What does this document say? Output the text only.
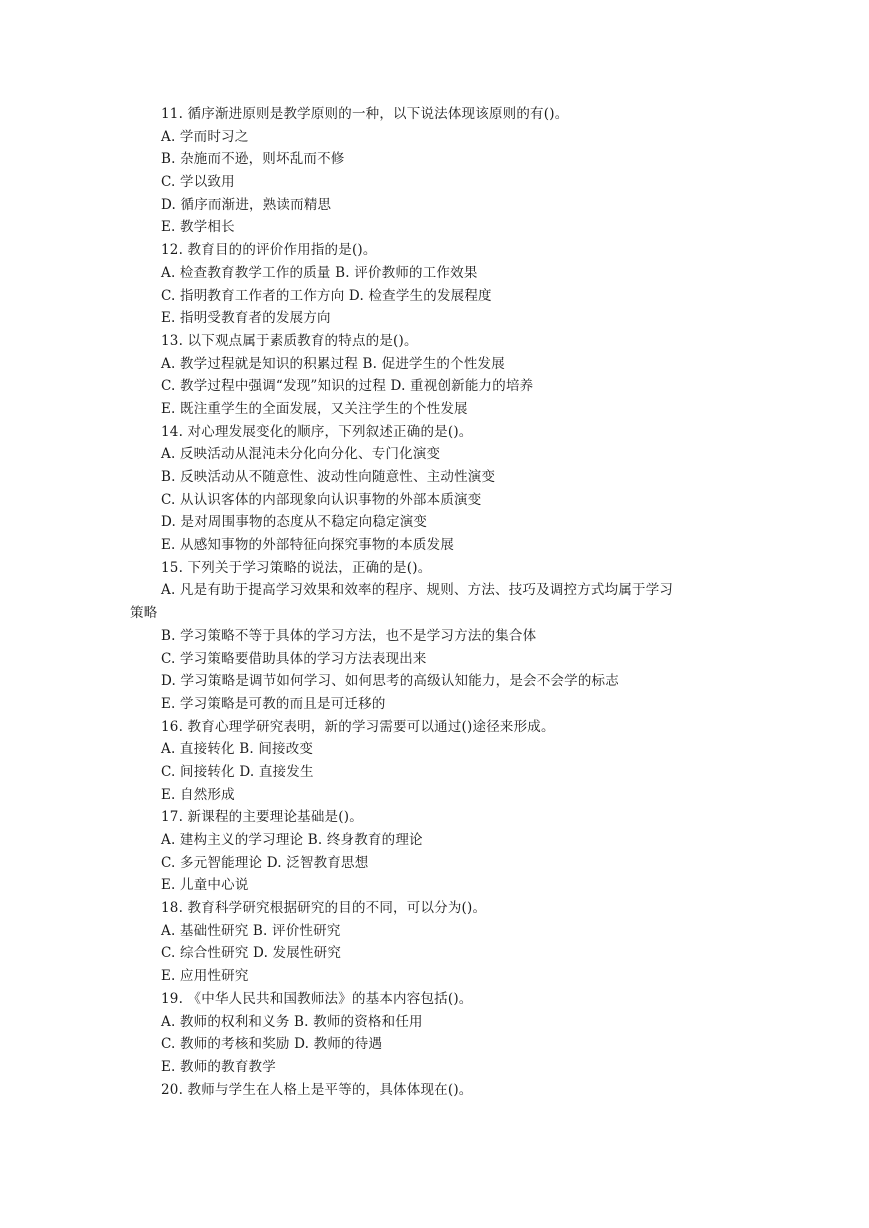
11. 循序渐进原则是教学原则的一种，以下说法体现该原则的有()。
A. 学而时习之
B. 杂施而不逊，则坏乱而不修
C. 学以致用
D. 循序而渐进，熟读而精思
E. 教学相长
12. 教育目的的评价作用指的是()。
A. 检查教育教学工作的质量 B. 评价教师的工作效果
C. 指明教育工作者的工作方向 D. 检查学生的发展程度
E. 指明受教育者的发展方向
13. 以下观点属于素质教育的特点的是()。
A. 教学过程就是知识的积累过程 B. 促进学生的个性发展
C. 教学过程中强调“发现”知识的过程 D. 重视创新能力的培养
E. 既注重学生的全面发展，又关注学生的个性发展
14. 对心理发展变化的顺序，下列叙述正确的是()。
A. 反映活动从混沌未分化向分化、专门化演变
B. 反映活动从不随意性、波动性向随意性、主动性演变
C. 从认识客体的内部现象向认识事物的外部本质演变
D. 是对周围事物的态度从不稳定向稳定演变
E. 从感知事物的外部特征向探究事物的本质发展
15. 下列关于学习策略的说法，正确的是()。
A. 凡是有助于提高学习效果和效率的程序、规则、方法、技巧及调控方式均属于学习
策略
B. 学习策略不等于具体的学习方法，也不是学习方法的集合体
C. 学习策略要借助具体的学习方法表现出来
D. 学习策略是调节如何学习、如何思考的高级认知能力，是会不会学的标志
E. 学习策略是可教的而且是可迁移的
16. 教育心理学研究表明，新的学习需要可以通过()途径来形成。
A. 直接转化 B. 间接改变
C. 间接转化 D. 直接发生
E. 自然形成
17. 新课程的主要理论基础是()。
A. 建构主义的学习理论 B. 终身教育的理论
C. 多元智能理论 D. 泛智教育思想
E. 儿童中心说
18. 教育科学研究根据研究的目的不同，可以分为()。
A. 基础性研究 B. 评价性研究
C. 综合性研究 D. 发展性研究
E. 应用性研究
19. 《中华人民共和国教师法》的基本内容包括()。
A. 教师的权利和义务 B. 教师的资格和任用
C. 教师的考核和奖励 D. 教师的待遇
E. 教师的教育教学
20. 教师与学生在人格上是平等的，具体体现在()。
